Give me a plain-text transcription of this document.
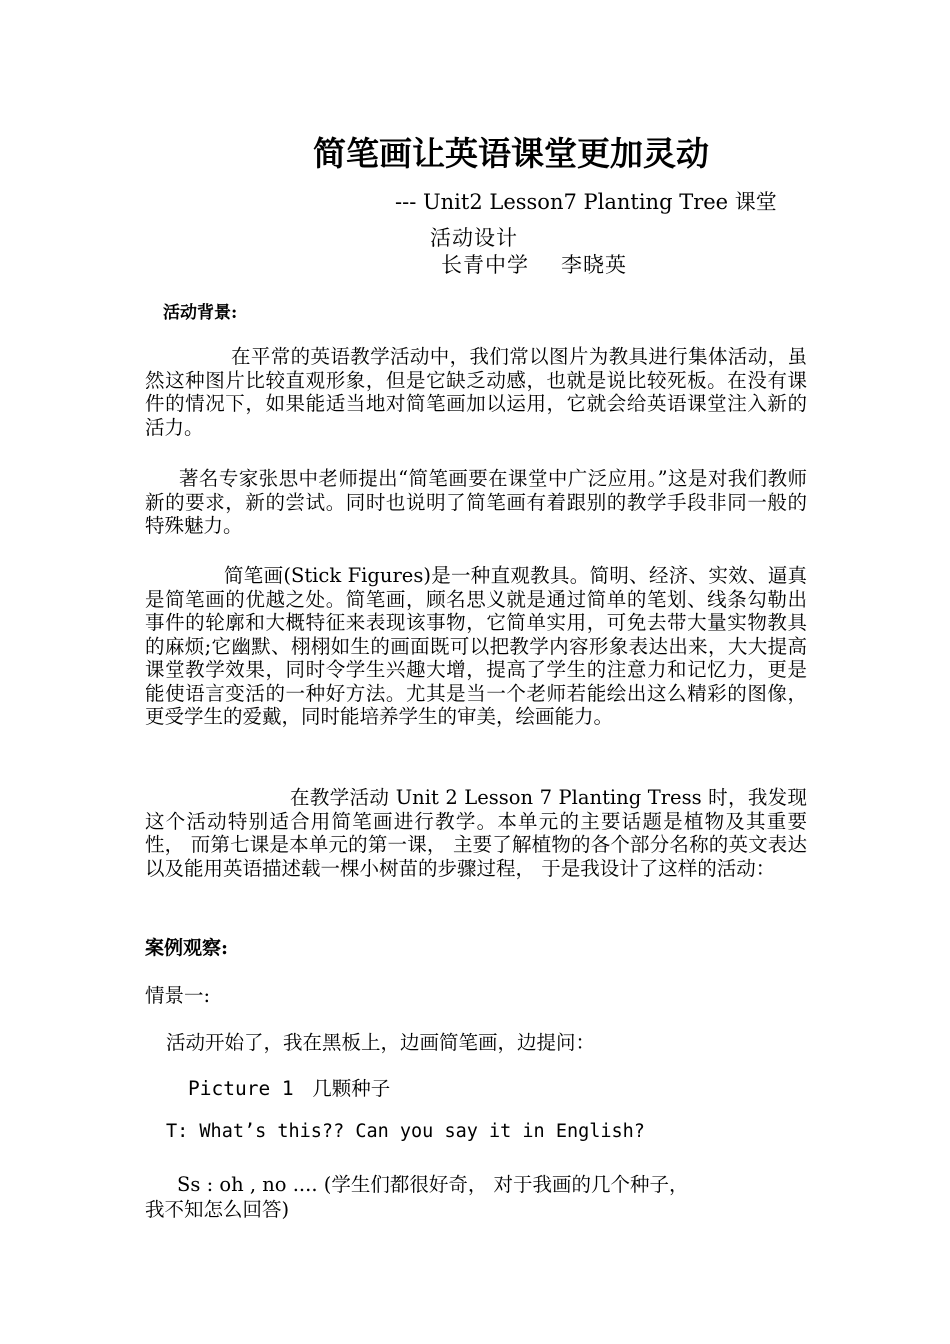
简笔画让英语课堂更加灵动
--- Unit2 Lesson7 Planting Tree 课堂
活动设计
长青中学 李晓英
活动背景:
在平常的英语教学活动中，我们常以图片为教具进行集体活动，虽然这种图片比较直观形象，但是它缺乏动感，也就是说比较死板。在没有课件的情况下，如果能适当地对简笔画加以运用，它就会给英语课堂注入新的活力。
著名专家张思中老师提出“简笔画要在课堂中广泛应用。”这是对我们教师新的要求，新的尝试。同时也说明了简笔画有着跟别的教学手段非同一般的特殊魅力。
简笔画(Stick Figures)是一种直观教具。简明、经济、实效、逼真是简笔画的优越之处。简笔画，顾名思义就是通过简单的笔划、线条勾勒出事件的轮廓和大概特征来表现该事物，它简单实用，可免去带大量实物教具的麻烦;它幽默、栩栩如生的画面既可以把教学内容形象表达出来，大大提高课堂教学效果，同时令学生兴趣大增，提高了学生的注意力和记忆力，更是能使语言变活的一种好方法。尤其是当一个老师若能绘出这么精彩的图像，更受学生的爱戴，同时能培养学生的审美，绘画能力。
在教学活动 Unit 2 Lesson 7 Planting Tress 时，我发现这个活动特别适合用简笔画进行教学。本单元的主要话题是植物及其重要性， 而第七课是本单元的第一课， 主要了解植物的各个部分名称的英文表达以及能用英语描述载一棵小树苗的步骤过程， 于是我设计了这样的活动：
案例观察:
情景一:
活动开始了，我在黑板上，边画简笔画，边提问：
Picture 1 几颗种子
T: What’s this?? Can you say it in English?
Ss : oh , no .... (学生们都很好奇， 对于我画的几个种子，
我不知怎么回答)
